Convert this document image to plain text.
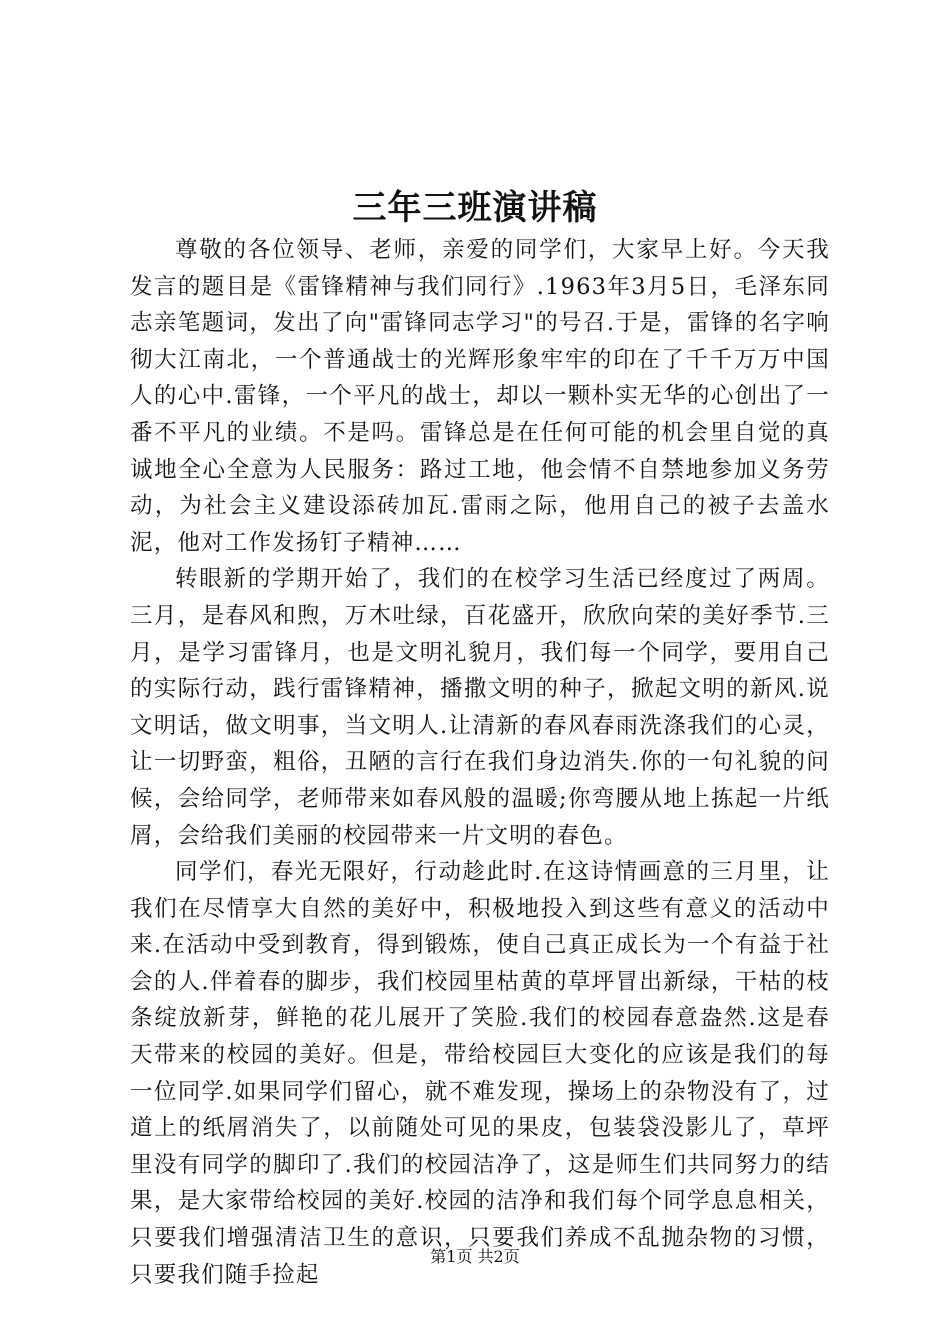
三年三班演讲稿

尊敬的各位领导、老师，亲爱的同学们，大家早上好。今天我发言的题目是《雷锋精神与我们同行》.1963年3月5日，毛泽东同志亲笔题词，发出了向"雷锋同志学习"的号召.于是，雷锋的名字响彻大江南北，一个普通战士的光辉形象牢牢的印在了千千万万中国人的心中.雷锋，一个平凡的战士，却以一颗朴实无华的心创出了一番不平凡的业绩。不是吗。雷锋总是在任何可能的机会里自觉的真诚地全心全意为人民服务：路过工地，他会情不自禁地参加义务劳动，为社会主义建设添砖加瓦.雷雨之际，他用自己的被子去盖水泥，他对工作发扬钉子精神……

转眼新的学期开始了，我们的在校学习生活已经度过了两周。三月，是春风和煦，万木吐绿，百花盛开，欣欣向荣的美好季节.三月，是学习雷锋月，也是文明礼貌月，我们每一个同学，要用自己的实际行动，践行雷锋精神，播撒文明的种子，掀起文明的新风.说文明话，做文明事，当文明人.让清新的春风春雨洗涤我们的心灵，让一切野蛮，粗俗，丑陋的言行在我们身边消失.你的一句礼貌的问候，会给同学，老师带来如春风般的温暖;你弯腰从地上拣起一片纸屑，会给我们美丽的校园带来一片文明的春色。

同学们，春光无限好，行动趁此时.在这诗情画意的三月里，让我们在尽情享大自然的美好中，积极地投入到这些有意义的活动中来.在活动中受到教育，得到锻炼，使自己真正成长为一个有益于社会的人.伴着春的脚步，我们校园里枯黄的草坪冒出新绿，干枯的枝条绽放新芽，鲜艳的花儿展开了笑脸.我们的校园春意盎然.这是春天带来的校园的美好。但是，带给校园巨大变化的应该是我们的每一位同学.如果同学们留心，就不难发现，操场上的杂物没有了，过道上的纸屑消失了，以前随处可见的果皮，包装袋没影儿了，草坪里没有同学的脚印了.我们的校园洁净了，这是师生们共同努力的结果，是大家带给校园的美好.校园的洁净和我们每个同学息息相关，只要我们增强清洁卫生的意识，只要我们养成不乱抛杂物的习惯，只要我们随手捡起

第1页 共2页
